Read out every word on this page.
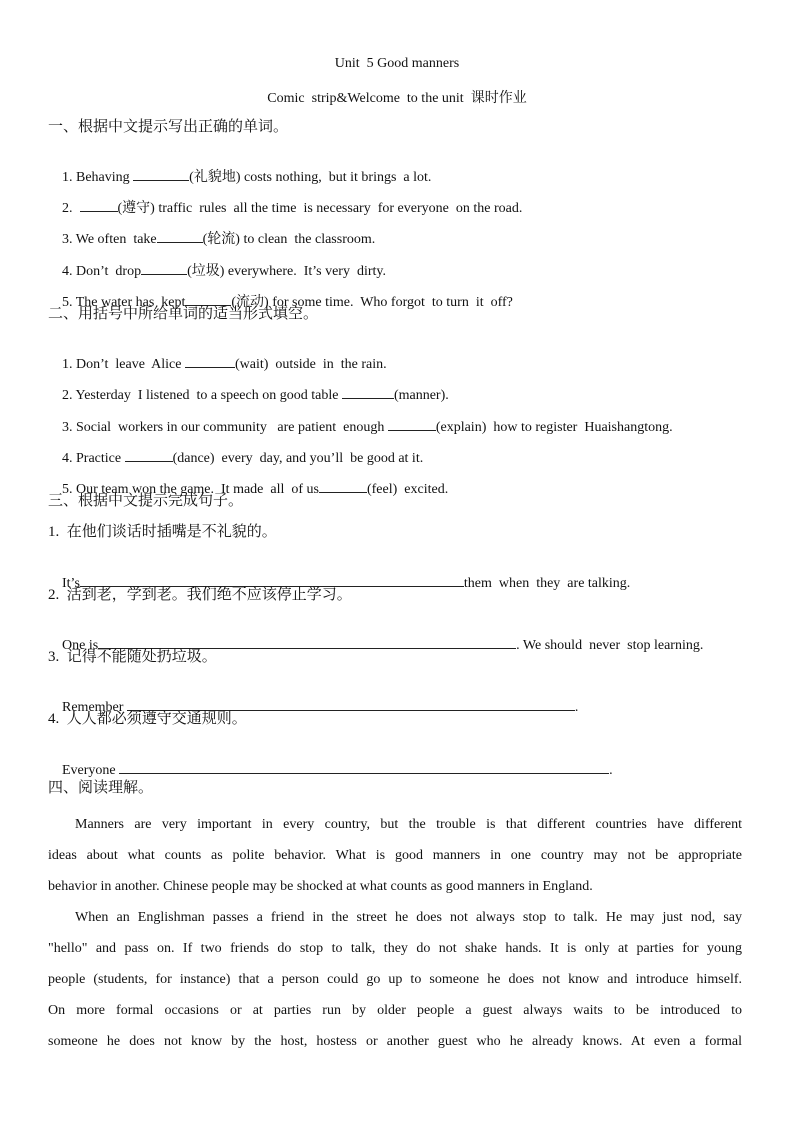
Unit  5 Good manners
Comic  strip&Welcome  to the unit  课时作业
一、根据中文提示写出正确的单词。

1. Behaving	(礼貌地) costs nothing,  but it brings  a lot.

2.	(遵守) traffic  rules  all the time  is necessary  for everyone  on the road.

3. We often  take	(轮流) to clean  the classroom.

4. Don’t  drop	(垃圾) everywhere.  It’s very  dirty.

5. The water has  kept	(流动) for some time.  Who forgot  to turn  it  off?

二、用括号中所给单词的适当形式填空。

1. Don’t  leave  Alice	(wait)  outside  in  the rain.

2. Yesterday  I listened  to a speech on good table	(manner).

3. Social  workers in our community   are patient  enough	(explain)  how to register  Huaishangtong.

4. Practice	(dance)  every  day, and you’ll  be good at it.

5. Our team won the game.  It made  all  of us	(feel)  excited.

三、根据中文提示完成句子。
1.  在他们谈话时插嘴是不礼貌的。

It’s	them  when  they  are talking.

2.  活到老，学到老。我们绝不应该停止学习。

One is	. We should  never  stop learning.

3.  记得不能随处扔垃圾。

Remember	.

4.  人人都必须遵守交通规则。

Everyone	.

四、阅读理解。

Manners are very important in every country, but the trouble is that different countries have different

ideas about what counts as polite behavior. What is good manners in one country may not be appropriate

behavior in another. Chinese people may be shocked at what counts as good manners in England.

When an Englishman passes a friend in the street he does not always stop to talk. He may just nod, say

"hello" and pass on. If two friends do stop to talk, they do not shake hands. It is only at parties for young

people (students, for instance) that a person could go up to someone he does not know and introduce himself.

On more formal occasions or at parties run by older people a guest always waits to be introduced to

someone he does not know by the host, hostess or another guest who he already knows. At even a formal
